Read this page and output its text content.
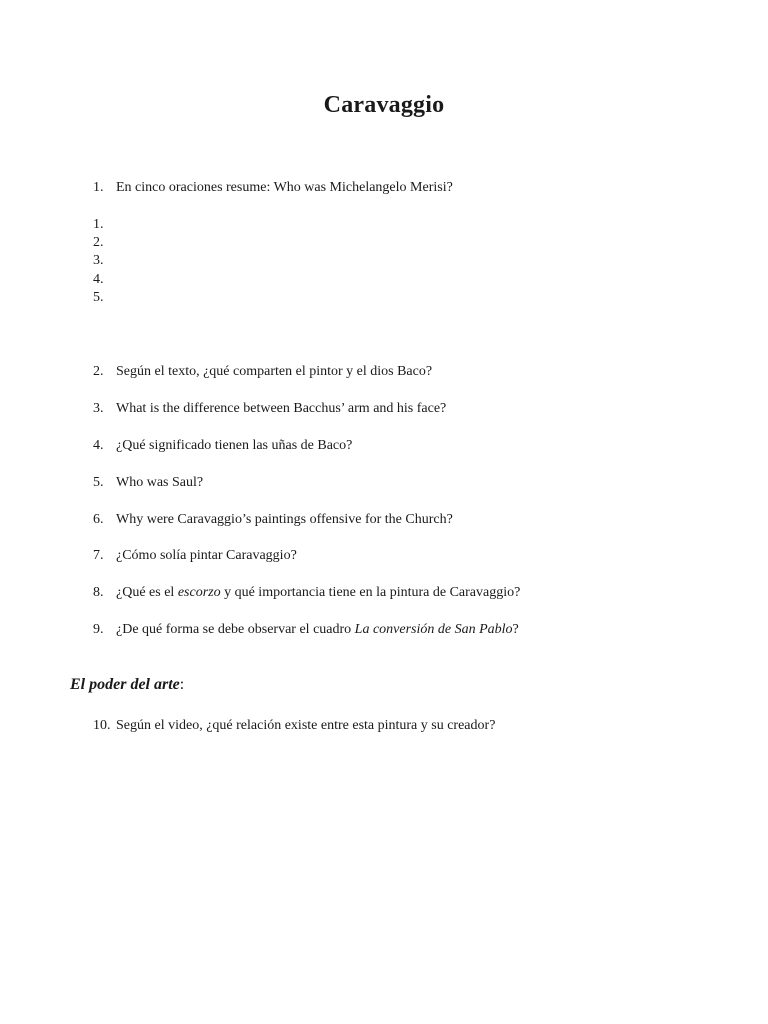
Caravaggio
1. En cinco oraciones resume: Who was Michelangelo Merisi?
1.
2.
3.
4.
5.
2. Según el texto, ¿qué comparten el pintor y el dios Baco?
3. What is the difference between Bacchus’ arm and his face?
4. ¿Qué significado tienen las uñas de Baco?
5. Who was Saul?
6. Why were Caravaggio’s paintings offensive for the Church?
7. ¿Cómo solía pintar Caravaggio?
8. ¿Qué es el escorzo y qué importancia tiene en la pintura de Caravaggio?
9. ¿De qué forma se debe observar el cuadro La conversión de San Pablo?
El poder del arte:
10. Según el video, ¿qué relación existe entre esta pintura y su creador?
